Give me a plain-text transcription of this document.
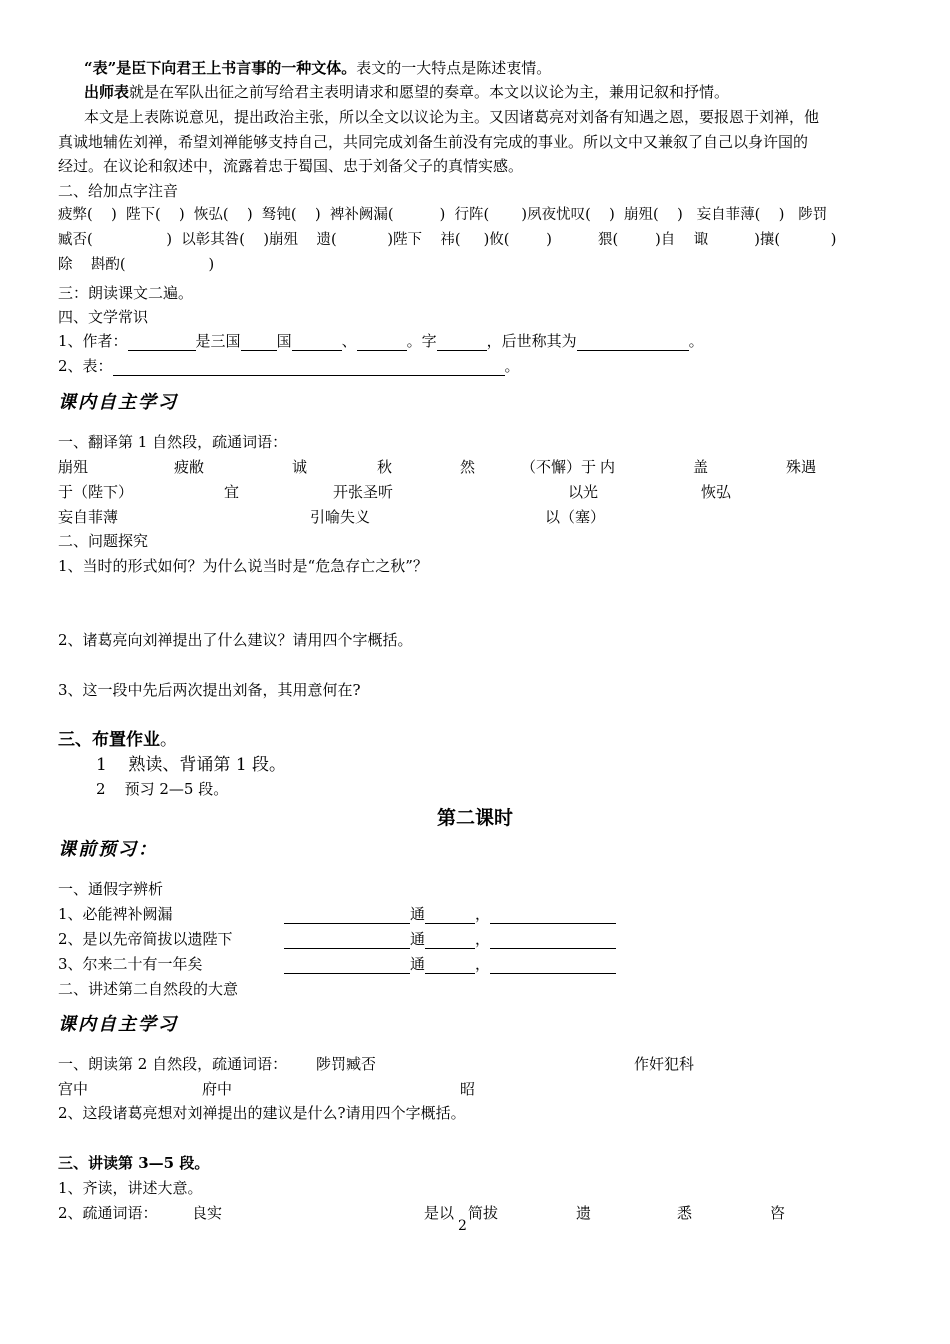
“表”是臣下向君王上书言事的一种文体。表文的一大特点是陈述衷情。
出师表就是在军队出征之前写给君主表明请求和愿望的奏章。本文以议论为主，兼用记叙和抒情。
本文是上表陈说意见，提出政治主张，所以全文以议论为主。又因诸葛亮对刘备有知遇之恩，要报恩于刘禅，他
真诚地辅佐刘禅，希望刘禅能够支持自己，共同完成刘备生前没有完成的事业。所以文中又兼叙了自己以身许国的
经过。在议论和叙述中，流露着忠于蜀国、忠于刘备父子的真情实感。
二、给加点字注音
疲弊(    )  陛下(    )  恢弘(    )  驽钝(    )  裨补阙漏(          )  行阵(       )夙夜忧叹(    )  崩殂(    )   妄自菲薄(    )   陟罚
臧否(                )  以彰其咎(    )崩殂    遗(           )陛下    祎(     )攸(        )          猥(        )自    诹          )攘(           )
除    斟酌(                  )
三：朗读课文二遍。
四、文学常识
1、作者：	是三国 国	、	。字	，后世称其为	。
2、表：	。
课内自主学习
一、翻译第 1 自然段，疏通词语：
崩殂	疲敝	诚	秋	然	（不懈）于 内	盖	殊遇
于（陛下）	宜	开张圣听	以光	恢弘
妄自菲薄	引喻失义	以（塞）
二、问题探究
1、当时的形式如何？为什么说当时是“危急存亡之秋”？
2、诸葛亮向刘禅提出了什么建议？请用四个字概括。
3、这一段中先后两次提出刘备，其用意何在?
三、布置作业。
1    熟读、背诵第 1 段。
2    预习 2—5 段。
第二课时
课前预习：
一、通假字辨析
1、必能裨补阙漏	通	，
2、是以先帝简拔以遗陛下	通	，
3、尔来二十有一年矣	通	，
二、讲述第二自然段的大意
课内自主学习
一、朗读第 2 自然段，疏通词语： 陟罚臧否	作奸犯科
宫中	府中	昭
2、这段诸葛亮想对刘禅提出的建议是什么?请用四个字概括。
三、讲读第 3—5 段。
1、齐读，讲述大意。
2、疏通词语： 良实	是以 简拔	遗	悉	咨
2
